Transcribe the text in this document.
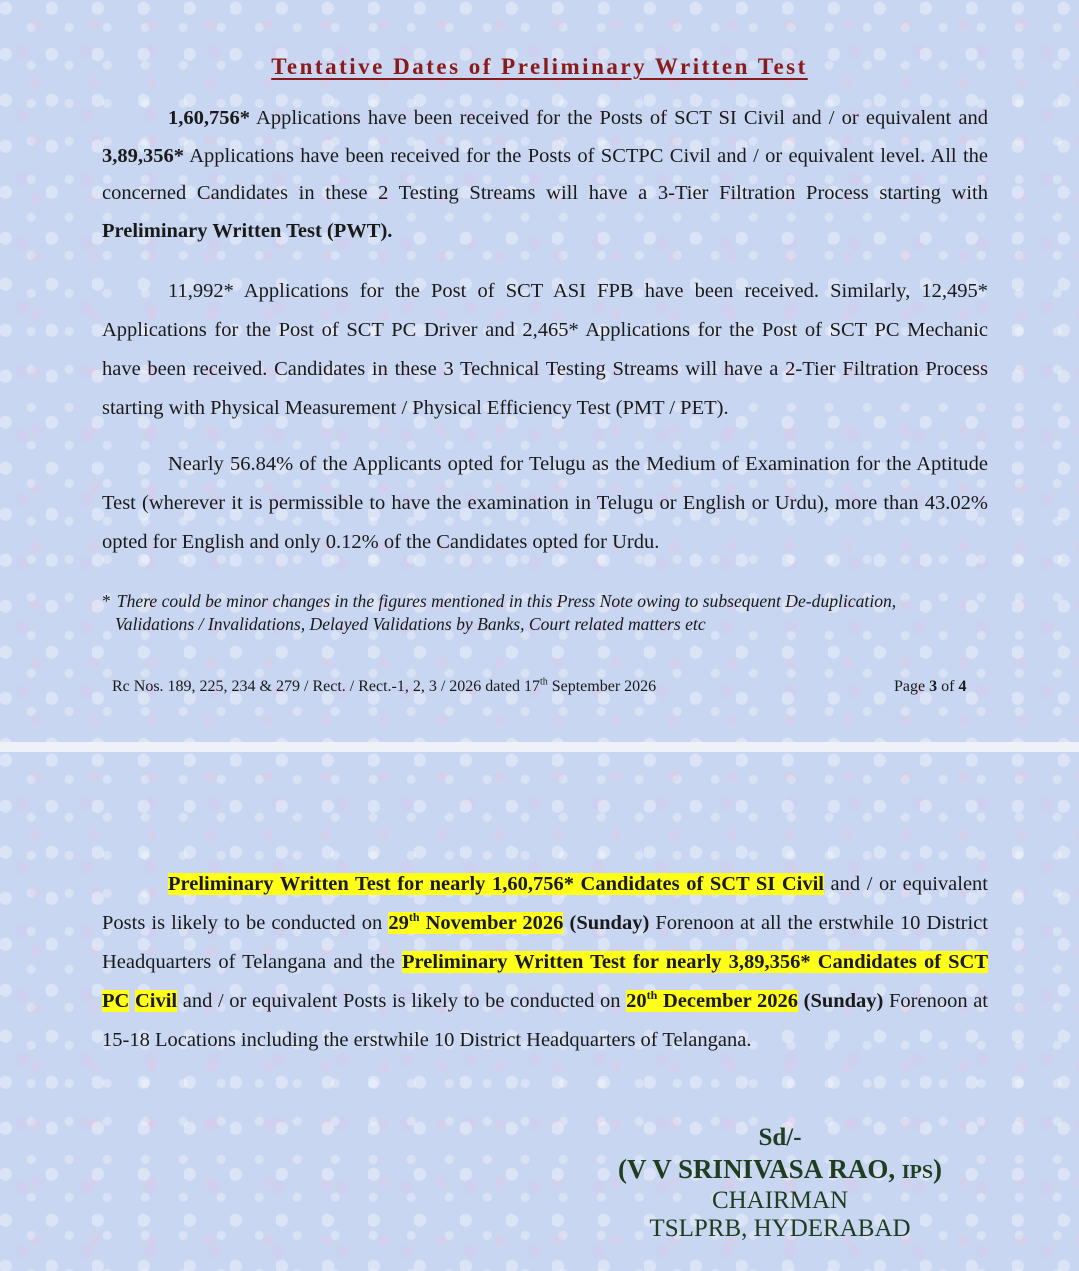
Tentative Dates of Preliminary Written Test

1,60,756* Applications have been received for the Posts of SCT SI Civil and / or equivalent and 3,89,356* Applications have been received for the Posts of SCTPC Civil and / or equivalent level. All the concerned Candidates in these 2 Testing Streams will have a 3-Tier Filtration Process starting with Preliminary Written Test (PWT).

11,992* Applications for the Post of SCT ASI FPB have been received. Similarly, 12,495* Applications for the Post of SCT PC Driver and 2,465* Applications for the Post of SCT PC Mechanic have been received. Candidates in these 3 Technical Testing Streams will have a 2-Tier Filtration Process starting with Physical Measurement / Physical Efficiency Test (PMT / PET).

Nearly 56.84% of the Applicants opted for Telugu as the Medium of Examination for the Aptitude Test (wherever it is permissible to have the examination in Telugu or English or Urdu), more than 43.02% opted for English and only 0.12% of the Candidates opted for Urdu.

* There could be minor changes in the figures mentioned in this Press Note owing to subsequent De-duplication,
Validations / Invalidations, Delayed Validations by Banks, Court related matters etc
Rc Nos. 189, 225, 234 & 279 / Rect. / Rect.-1, 2, 3 / 2026 dated 17th September 2026	Page 3 of 4

Preliminary Written Test for nearly 1,60,756* Candidates of SCT SI Civil and / or equivalent Posts is likely to be conducted on 29th November 2026 (Sunday) Forenoon at all the erstwhile 10 District Headquarters of Telangana and the Preliminary Written Test for nearly 3,89,356* Candidates of SCT PC Civil and / or equivalent Posts is likely to be conducted on 20th December 2026 (Sunday) Forenoon at 15-18 Locations including the erstwhile 10 District Headquarters of Telangana.

Sd/-
(V V SRINIVASA RAO, IPS)
CHAIRMAN
TSLPRB, HYDERABAD
